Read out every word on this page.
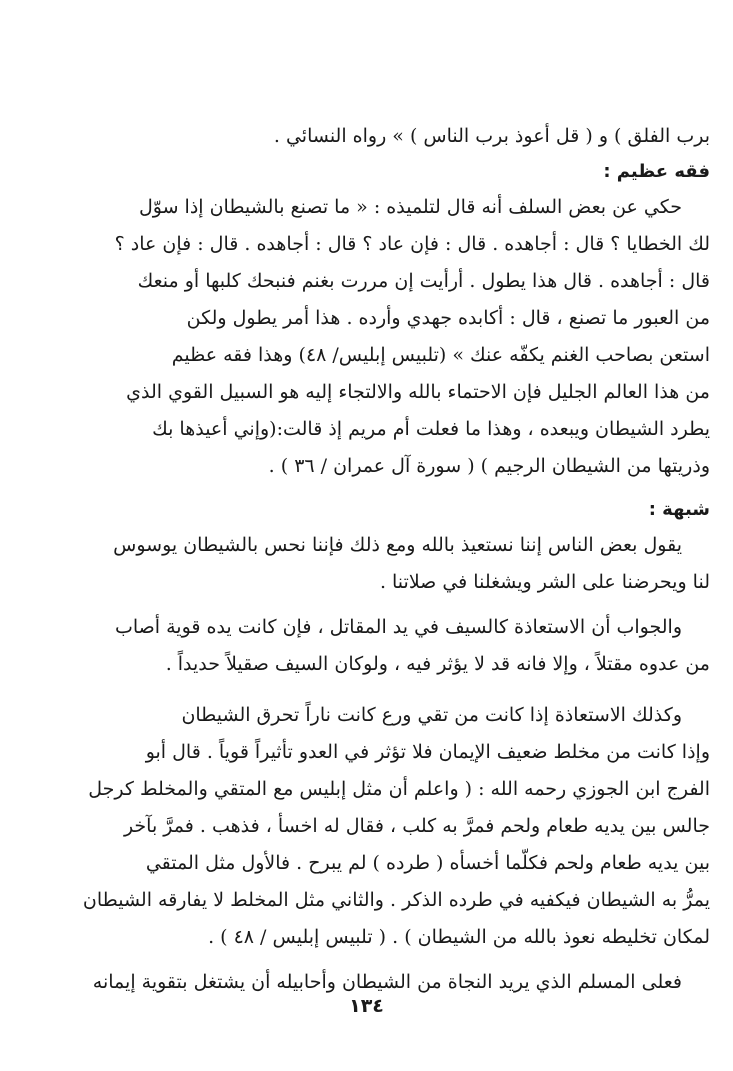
برب الفلق ) و ( قل أعوذ برب الناس ) » رواه النسائي .
فقه عظيم :
حكي عن بعض السلف أنه قال لتلميذه : « ما تصنع بالشيطان إذا سوّل
لك الخطايا ؟ قال : أجاهده . قال : فإن عاد ؟ قال : أجاهده . قال : فإن عاد ؟
قال : أجاهده . قال هذا يطول . أرأيت إن مررت بغنم فنبحك كلبها أو منعك
من العبور ما تصنع ، قال : أكابده جهدي وأرده . هذا أمر يطول ولكن
استعن بصاحب الغنم يكفّه عنك » (تلبيس إبليس/ ٤٨) وهذا فقه عظيم
من هذا العالم الجليل فإن الاحتماء بالله والالتجاء إليه هو السبيل القوي الذي
يطرد الشيطان ويبعده ، وهذا ما فعلت أم مريم إذ قالت:(وإني أعيذها بك
وذريتها من الشيطان الرجيم ) ( سورة آل عمران / ٣٦ ) .
شبهة :
يقول بعض الناس إننا نستعيذ بالله ومع ذلك فإننا نحس بالشيطان يوسوس
لنا ويحرضنا على الشر ويشغلنا في صلاتنا .
والجواب أن الاستعاذة كالسيف في يد المقاتل ، فإن كانت يده قوية أصاب
من عدوه مقتلاً ، وإلا فانه قد لا يؤثر فيه ، ولوكان السيف صقيلاً حديداً .
وكذلك الاستعاذة إذا كانت من تقي ورع كانت ناراً تحرق الشيطان
وإذا كانت من مخلط ضعيف الإيمان فلا تؤثر في العدو تأثيراً قوياً . قال أبو
الفرج ابن الجوزي رحمه الله : ( واعلم أن مثل إبليس مع المتقي والمخلط كرجل
جالس بين يديه طعام ولحم فمرَّ به كلب ، فقال له اخسأ ، فذهب . فمرَّ بآخر
بين يديه طعام ولحم فكلّما أخسأه ( طرده ) لم يبرح . فالأول مثل المتقي
يمرُّ به الشيطان فيكفيه في طرده الذكر . والثاني مثل المخلط لا يفارقه الشيطان
لمكان تخليطه نعوذ بالله من الشيطان ) . ( تلبيس إبليس / ٤٨ ) .
فعلى المسلم الذي يريد النجاة من الشيطان وأحابيله أن يشتغل بتقوية إيمانه
١٣٤
